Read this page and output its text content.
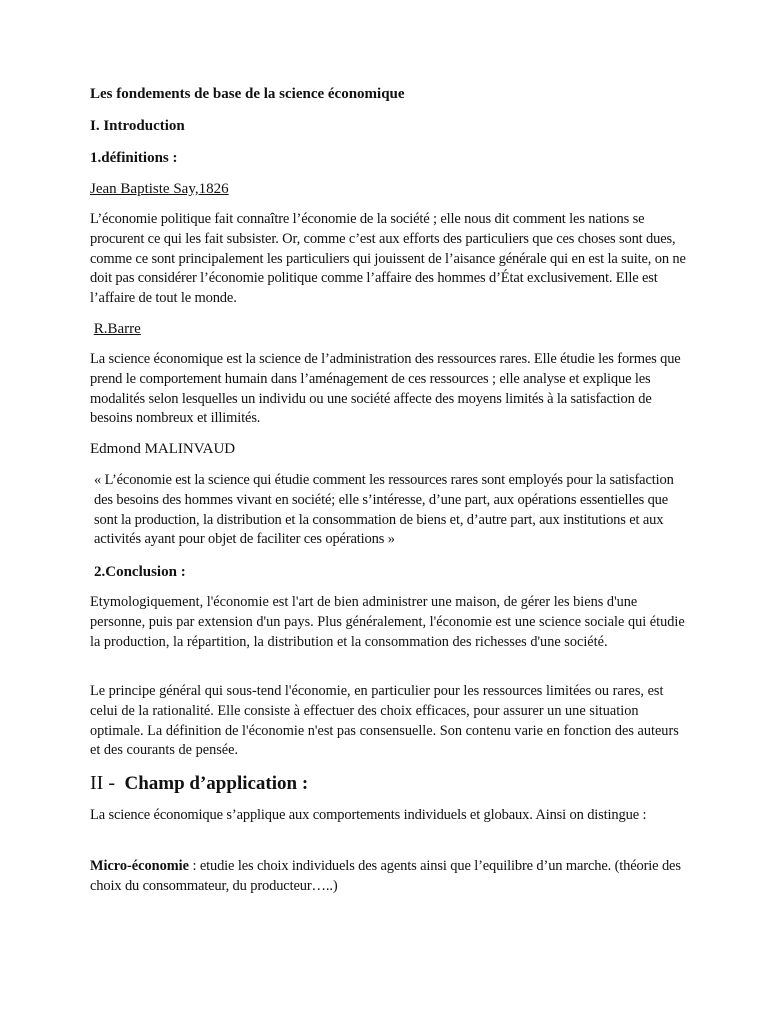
Les fondements de base de la science économique

I. Introduction

1.définitions :

Jean Baptiste Say,1826

L’économie politique fait connaître l’économie de la société ; elle nous dit comment les nations se procurent ce qui les fait subsister. Or, comme c’est aux efforts des particuliers que ces choses sont dues, comme ce sont principalement les particuliers qui jouissent de l’aisance générale qui en est la suite, on ne doit pas considérer l’économie politique comme l’affaire des hommes d’État exclusivement. Elle est l’affaire de tout le monde.

R.Barre

La science économique est la science de l’administration des ressources rares. Elle étudie les formes que prend le comportement humain dans l’aménagement de ces ressources ; elle analyse et explique les modalités selon lesquelles un individu ou une société affecte des moyens limités à la satisfaction de besoins nombreux et illimités.

Edmond MALINVAUD

« L’économie est la science qui étudie comment les ressources rares sont employés pour la satisfaction des besoins des hommes vivant en société; elle s’intéresse, d’une part, aux opérations essentielles que sont la production, la distribution et la consommation de biens et, d’autre part, aux institutions et aux activités ayant pour objet de faciliter ces opérations »

2.Conclusion :

Etymologiquement, l'économie est l'art de bien administrer une maison, de gérer les biens d'une personne, puis par extension d'un pays. Plus généralement, l'économie est une science sociale qui étudie la production, la répartition, la distribution et la consommation des richesses d'une société.

Le principe général qui sous-tend l'économie, en particulier pour les ressources limitées ou rares, est celui de la rationalité. Elle consiste à effectuer des choix efficaces, pour assurer un une situation optimale. La définition de l'économie n'est pas consensuelle. Son contenu varie en fonction des auteurs et des courants de pensée.

II - Champ d’application :

La science économique s’applique aux comportements individuels et globaux. Ainsi on distingue :

Micro-économie : etudie les choix individuels des agents ainsi que l’equilibre d’un marche. (théorie des choix du consommateur, du producteur…..)
